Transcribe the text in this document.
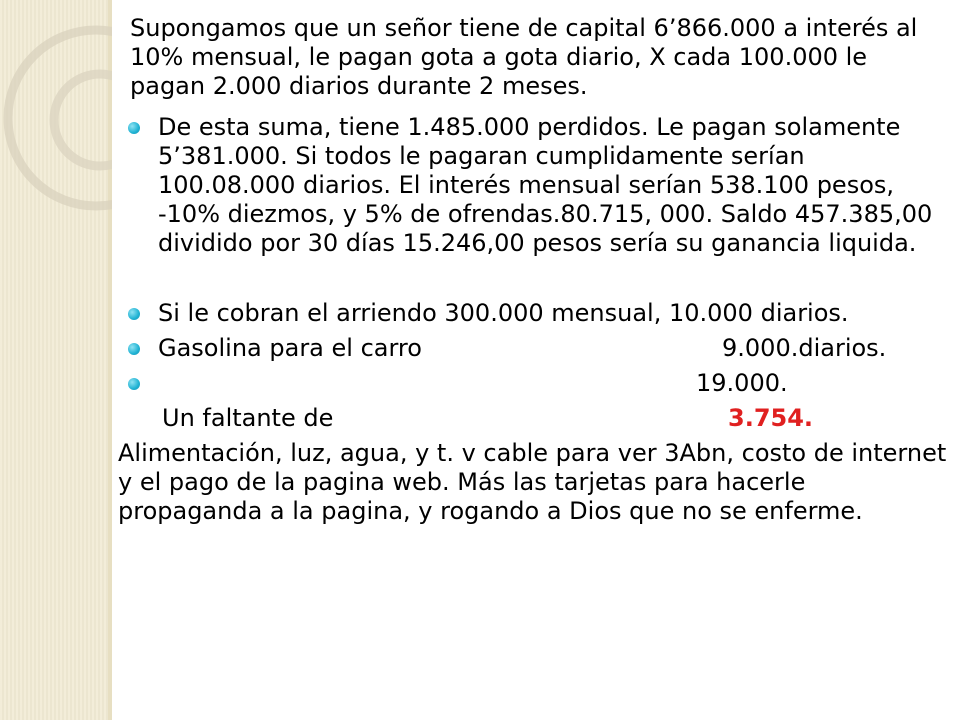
Supongamos que un señor tiene de capital 6’866.000 a interés al 10% mensual, le pagan gota a gota diario, X cada 100.000 le pagan 2.000 diarios durante 2 meses.

De esta suma, tiene 1.485.000 perdidos. Le pagan solamente 5’381.000. Si todos le pagaran cumplidamente serían 100.08.000 diarios. El interés mensual serían 538.100 pesos, -10% diezmos, y 5% de ofrendas.80.715, 000. Saldo 457.385,00 dividido por 30 días 15.246,00 pesos sería su ganancia liquida.
Si le cobran el arriendo 300.000 mensual, 10.000 diarios.
Gasolina para el carro	9.000.diarios.
19.000.

Un faltante de	3.754.

Alimentación, luz, agua, y t. v cable para ver 3Abn, costo de internet y el pago de la pagina web. Más las tarjetas para hacerle propaganda a la pagina, y rogando a Dios que no se enferme.
